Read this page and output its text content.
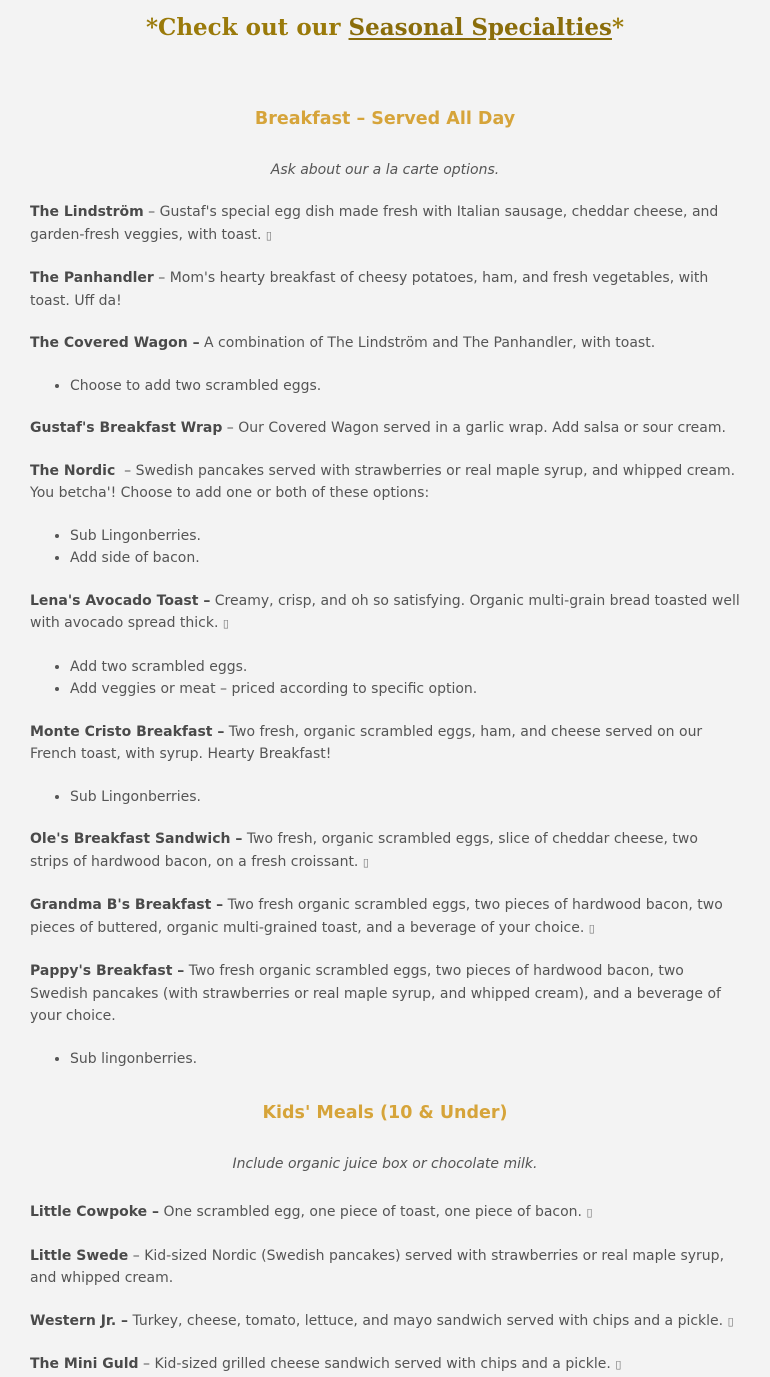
*Check out our Seasonal Specialties*
Breakfast – Served All Day

Ask about our a la carte options.

The Lindström – Gustaf's special egg dish made fresh with Italian sausage, cheddar cheese, and garden-fresh veggies, with toast. ▯

The Panhandler – Mom's hearty breakfast of cheesy potatoes, ham, and fresh vegetables, with toast. Uff da!

The Covered Wagon – A combination of The Lindström and The Panhandler, with toast.

• Choose to add two scrambled eggs.

Gustaf's Breakfast Wrap – Our Covered Wagon served in a garlic wrap. Add salsa or sour cream.

The Nordic  – Swedish pancakes served with strawberries or real maple syrup, and whipped cream. You betcha'! Choose to add one or both of these options:

• Sub Lingonberries.
• Add side of bacon.

Lena's Avocado Toast – Creamy, crisp, and oh so satisfying. Organic multi-grain bread toasted well with avocado spread thick. ▯

• Add two scrambled eggs.
• Add veggies or meat – priced according to specific option.

Monte Cristo Breakfast – Two fresh, organic scrambled eggs, ham, and cheese served on our French toast, with syrup. Hearty Breakfast!

• Sub Lingonberries.

Ole's Breakfast Sandwich – Two fresh, organic scrambled eggs, slice of cheddar cheese, two strips of hardwood bacon, on a fresh croissant. ▯

Grandma B's Breakfast – Two fresh organic scrambled eggs, two pieces of hardwood bacon, two pieces of buttered, organic multi-grained toast, and a beverage of your choice. ▯

Pappy's Breakfast – Two fresh organic scrambled eggs, two pieces of hardwood bacon, two Swedish pancakes (with strawberries or real maple syrup, and whipped cream), and a beverage of your choice.

• Sub lingonberries.
Kids' Meals (10 & Under)

Include organic juice box or chocolate milk.

Little Cowpoke – One scrambled egg, one piece of toast, one piece of bacon. ▯

Little Swede – Kid-sized Nordic (Swedish pancakes) served with strawberries or real maple syrup, and whipped cream.

Western Jr. – Turkey, cheese, tomato, lettuce, and mayo sandwich served with chips and a pickle. ▯

The Mini Guld – Kid-sized grilled cheese sandwich served with chips and a pickle. ▯
